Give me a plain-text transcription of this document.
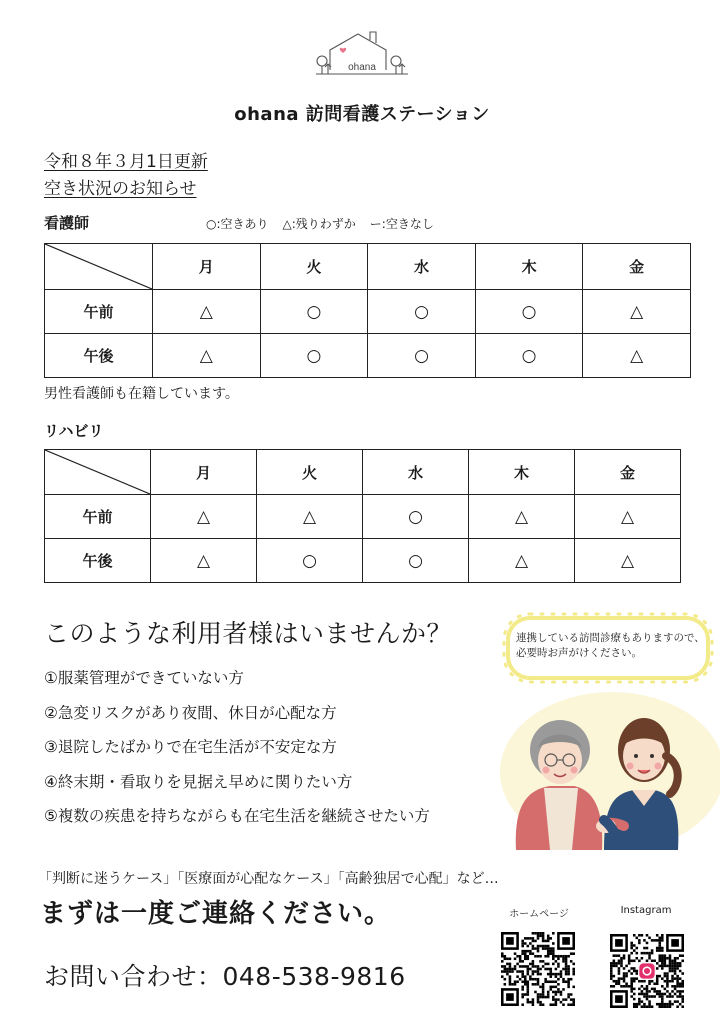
ohana
ohana 訪問看護ステーション
令和８年３月1日更新
空き状況のお知らせ
看護師	○:空きあり △:残りわずか ー:空きなし
	月	火	水	木	金
午前	△	○	○	○	△
午後	△	○	○	○	△
男性看護師も在籍しています。
リハビリ
	月	火	水	木	金
午前	△	△	○	△	△
午後	△	○	○	△	△
このような利用者様はいませんか？	連携している訪問診療もありますので、必要時お声がけください。
①服薬管理ができていない方
②急変リスクがあり夜間、休日が心配な方
③退院したばかりで在宅生活が不安定な方
④終末期・看取りを見据え早めに関りたい方
⑤複数の疾患を持ちながらも在宅生活を継続させたい方
「判断に迷うケース」「医療面が心配なケース」「高齢独居で心配」など…
まずは一度ご連絡ください。
お問い合わせ：048-538-9816
ホームページ	Instagram
